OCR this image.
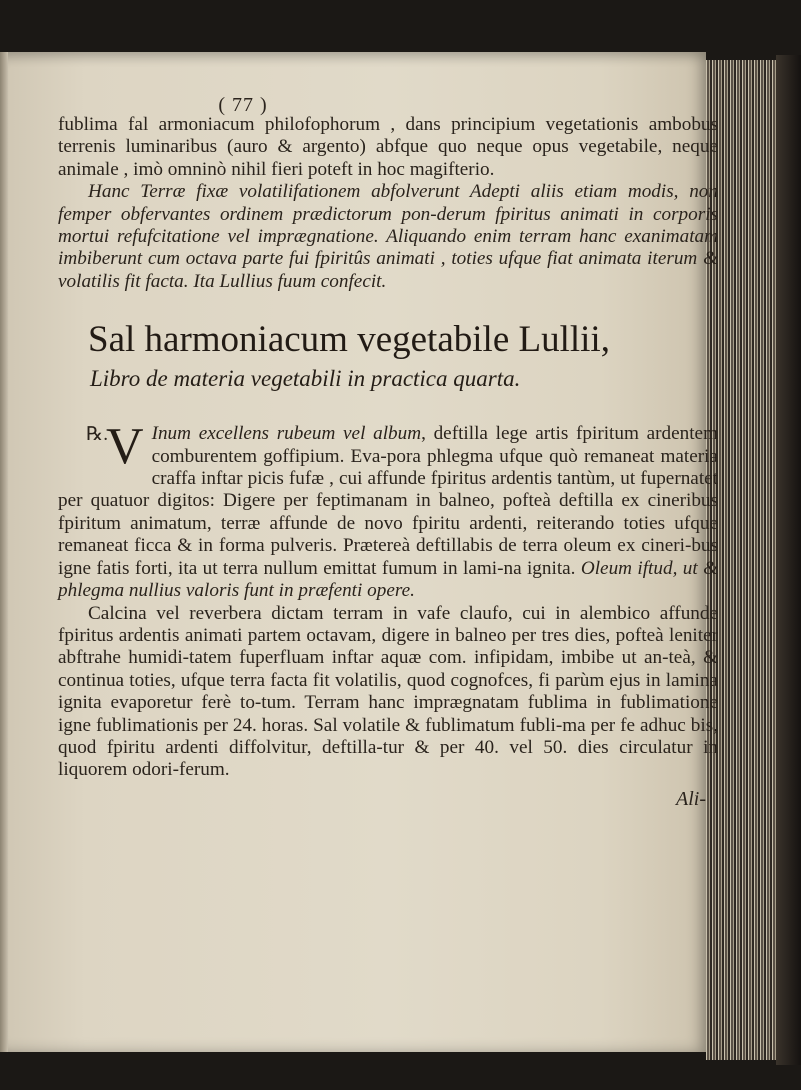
( 77 )

fublima fal armoniacum philofophorum , dans principium vegetationis ambobus terrenis luminaribus (auro & argento) abfque quo neque opus vegetabile, neque animale , imò omninò nihil fieri poteft in hoc magifterio.

Hanc Terræ fixæ volatilifationem abfolverunt Adepti aliis etiam modis, non femper obfervantes ordinem prædictorum pon-derum fpiritus animati in corporis mortui refufcitatione vel imprægnatione. Aliquando enim terram hanc exanimatam imbiberunt cum octava parte fui fpiritûs animati , toties ufque fiat animata iterum & volatilis fit facta. Ita Lullius fuum confecit.

Sal harmoniacum vegetabile Lullii,
Libro de materia vegetabili in practica quarta.

℞.
V Inum excellens rubeum vel album, deftilla lege artis fpiritum ardentem comburentem goffipium. Eva-pora phlegma ufque quò remaneat materia craffa inftar picis fufæ , cui affunde fpiritus ardentis tantùm, ut fupernatet per quatuor digitos: Digere per feptimanam in balneo, pofteà deftilla ex cineribus fpiritum animatum, terræ affunde de novo fpiritu ardenti, reiterando toties ufque remaneat ficca & in forma pulveris. Prætereà deftillabis de terra oleum ex cineri-bus igne fatis forti, ita ut terra nullum emittat fumum in lami-na ignita. Oleum iftud, ut & phlegma nullius valoris funt in præfenti opere.

Calcina vel reverbera dictam terram in vafe claufo, cui in alembico affunde fpiritus ardentis animati partem octavam, digere in balneo per tres dies, pofteà leniter abftrahe humidi-tatem fuperfluam inftar aquæ com. infipidam, imbibe ut an-teà, & continua toties, ufque terra facta fit volatilis, quod cognofces, fi parùm ejus in lamina ignita evaporetur ferè to-tum. Terram hanc imprægnatam fublima in fublimatione igne fublimationis per 24. horas. Sal volatile & fublimatum fubli-ma per fe adhuc bis, quod fpiritu ardenti diffolvitur, deftilla-tur & per 40. vel 50. dies circulatur in liquorem odori-ferum.

Ali-
